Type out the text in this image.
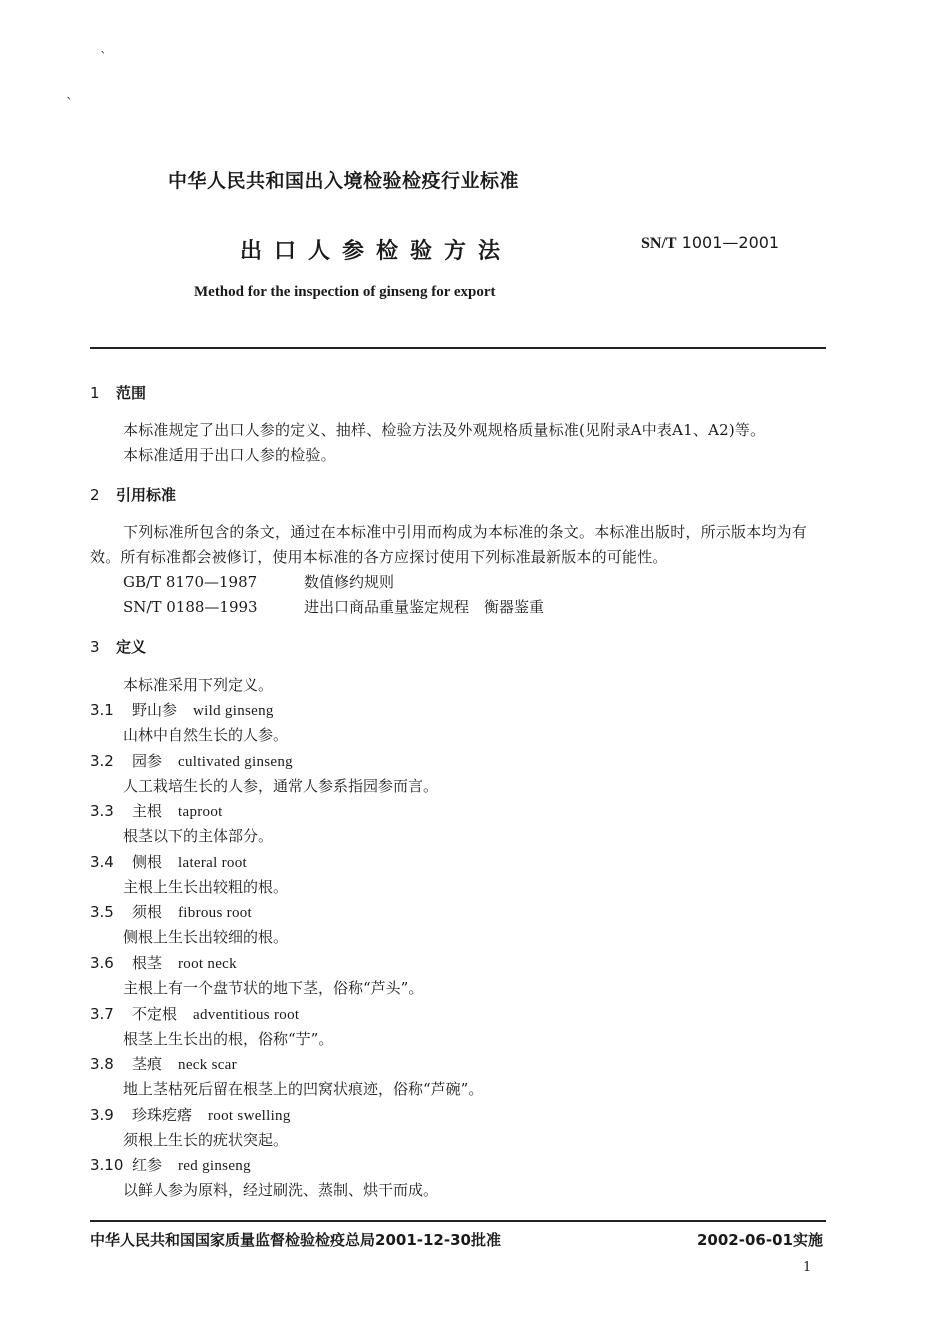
`
`
中华人民共和国出入境检验检疫行业标准
出口人参检验方法	SN/T 1001—2001
Method for the inspection of ginseng for export
1 范围
本标准规定了出口人参的定义、抽样、检验方法及外观规格质量标准(见附录A中表A1、A2)等。
本标准适用于出口人参的检验。
2 引用标准
下列标准所包含的条文，通过在本标准中引用而构成为本标准的条文。本标准出版时，所示版本均为有效。所有标准都会被修订，使用本标准的各方应探讨使用下列标准最新版本的可能性。
GB/T 8170—1987	数值修约规则
SN/T 0188—1993	进出口商品重量鉴定规程　衡器鉴重
3 定义
本标准采用下列定义。
3.1 野山参 wild ginseng
山林中自然生长的人参。
3.2 园参 cultivated ginseng
人工栽培生长的人参，通常人参系指园参而言。
3.3 主根 taproot
根茎以下的主体部分。
3.4 侧根 lateral root
主根上生长出较粗的根。
3.5 须根 fibrous root
侧根上生长出较细的根。
3.6 根茎 root neck
主根上有一个盘节状的地下茎，俗称“芦头”。
3.7 不定根 adventitious root
根茎上生长出的根，俗称“艼”。
3.8 茎痕 neck scar
地上茎枯死后留在根茎上的凹窝状痕迹，俗称“芦碗”。
3.9 珍珠疙瘩 root swelling
须根上生长的疣状突起。
3.10 红参 red ginseng
以鲜人参为原料，经过刷洗、蒸制、烘干而成。
中华人民共和国国家质量监督检验检疫总局2001-12-30批准	2002-06-01实施
1
